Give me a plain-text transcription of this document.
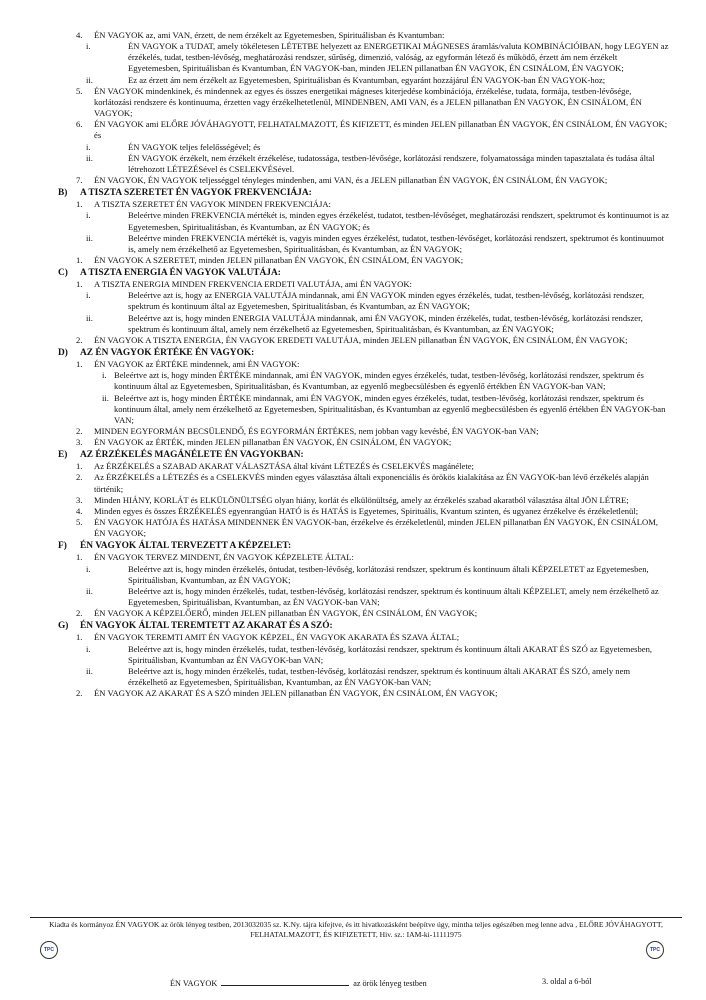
4. ÉN VAGYOK az, ami VAN, érzett, de nem érzékelt az Egyetemesben, Spirituálisban és Kvantumban:
i.	ÉN VAGYOK a TUDAT, amely tökéletesen LÉTETBE helyezett az ENERGETIKAI MÁGNESES áramlás/valuta KOMBINÁCIÓIBAN, hogy LEGYEN az érzékelés, tudat, testben-lévőség, meghatározási rendszer, sűrűség, dimenzió, valóság, az egyformán létező és működő, érzett ám nem érzékelt Egyetemesben, Spirituálisban és Kvantumban, ÉN VAGYOK-ban, minden JELEN pillanatban ÉN VAGYOK, ÉN CSINÁLOM, ÉN VAGYOK;
ii.	Ez az érzett ám nem érzékelt az Egyetemesben, Spirituálisban és Kvantumban, egyaránt hozzájárul ÉN VAGYOK-ban ÉN VAGYOK-hoz;
5. ÉN VAGYOK mindenkinek, és mindennek az egyes és összes energetikai mágneses kiterjedése kombinációja, érzékelése, tudata, formája, testben-lévősége, korlátozási rendszere és kontinuuma, érzetten vagy érzékelhetetlenül, MINDENBEN, AMI VAN, és a JELEN pillanatban ÉN VAGYOK, ÉN CSINÁLOM, ÉN VAGYOK;
6. ÉN VAGYOK ami ELŐRE JÓVÁHAGYOTT, FELHATALMAZOTT, ÉS KIFIZETT, és minden JELEN pillanatban ÉN VAGYOK, ÉN CSINÁLOM, ÉN VAGYOK; és
i.	ÉN VAGYOK teljes felelősségével; és
ii.	ÉN VAGYOK érzékelt, nem érzékelt érzékelése, tudatossága, testben-lévősége, korlátozási rendszere, folyamatossága minden tapasztalata és tudása által létrehozott LÉTEZÉSével és CSELEKVÉSével.
7. ÉN VAGYOK, ÉN VAGYOK teljességgel tényleges mindenben, ami VAN, és a JELEN pillanatban ÉN VAGYOK, ÉN CSINÁLOM, ÉN VAGYOK;
B) A TISZTA SZERETET ÉN VAGYOK FREKVENCIÁJA:
1. A TISZTA SZERETET ÉN VAGYOK MINDEN FREKVENCIÁJA:
i.	Beleértve minden FREKVENCIA mértékét is, minden egyes érzékelést, tudatot, testben-lévőséget, meghatározási rendszert, spektrumot és kontinuumot is az Egyetemesben, Spiritualitásban, és Kvantumban, az ÉN VAGYOK; és
ii.	Beleértve minden FREKVENCIA mértékét is, vagyis minden egyes érzékelést, tudatot, testben-lévőséget, korlátozási rendszert, spektrumot és kontinuumot is, amely nem érzékelhető az Egyetemesben, Spiritualitásban, és Kvantumban, az ÉN VAGYOK;
1. ÉN VAGYOK A SZERETET, minden JELEN pillanatban ÉN VAGYOK, ÉN CSINÁLOM, ÉN VAGYOK;
C) A TISZTA ENERGIA ÉN VAGYOK VALUTÁJA:
1. A TISZTA ENERGIA MINDEN FREKVENCIA ERDETI VALUTÁJA, ami ÉN VAGYOK:
i.	Beleértve azt is, hogy az ENERGIA VALUTÁJA mindannak, ami ÉN VAGYOK minden egyes érzékelés, tudat, testben-lévőség, korlátozási rendszer, spektrum és kontinuum által az Egyetemesben, Spiritualitásban, és Kvantumban, az ÉN VAGYOK;
ii.	Beleértve azt is, hogy minden ENERGIA VALUTÁJA mindannak, ami ÉN VAGYOK, minden érzékelés, tudat, testben-lévőség, korlátozási rendszer, spektrum és kontinuum által, amely nem érzékelhető az Egyetemesben, Spiritualitásban, és Kvantumban, az ÉN VAGYOK;
2. ÉN VAGYOK A TISZTA ENERGIA, ÉN VAGYOK EREDETI VALUTÁJA, minden JELEN pillanatban ÉN VAGYOK, ÉN CSINÁLOM, ÉN VAGYOK;
D) AZ ÉN VAGYOK ÉRTÉKE ÉN VAGYOK:
1. ÉN VAGYOK az ÉRTÉKE mindennek, ami ÉN VAGYOK:
i. Beleértve azt is, hogy minden ÉRTÉKE mindannak, ami ÉN VAGYOK, minden egyes érzékelés, tudat, testben-lévőség, korlátozási rendszer, spektrum és kontinuum által az Egyetemesben, Spiritualitásban, és Kvantumban, az egyenlő megbecsülésben és egyenlő értékben ÉN VAGYOK-ban VAN;
ii. Beleértve azt is, hogy minden ÉRTÉKE mindannak, ami ÉN VAGYOK, minden egyes érzékelés, tudat, testben-lévőség, korlátozási rendszer, spektrum és kontinuum által, amely nem érzékelhető az Egyetemesben, Spiritualitásban, és Kvantumban az egyenlő megbecsülésben és egyenlő értékben ÉN VAGYOK-ban VAN;
2. MINDEN EGYFORMÁN BECSÜLENDŐ, ÉS EGYFORMÁN ÉRTÉKES, nem jobban vagy kevésbé, ÉN VAGYOK-ban VAN;
3. ÉN VAGYOK az ÉRTÉK, minden JELEN pillanatban ÉN VAGYOK, ÉN CSINÁLOM, ÉN VAGYOK;
E) AZ ÉRZÉKELÉS MAGÁNÉLETE ÉN VAGYOKBAN:
1. Az ÉRZÉKELÉS a SZABAD AKARAT VÁLASZTÁSA által kívánt LÉTEZÉS és CSELEKVÉS magánélete;
2. Az ÉRZÉKELÉS a LÉTEZÉS és a CSELEKVÉS minden egyes választása általi exponenciális és örökös kialakítása az ÉN VAGYOK-ban lévő érzékelés alapján történik;
3. Minden HIÁNY, KORLÁT és ELKÜLÖNÜLTSÉG olyan hiány, korlát és elkülönültség, amely az érzékelés szabad akaratból választása által JÖN LÉTRE;
4. Minden egyes és összes ÉRZÉKELÉS egyenrangúan HATÓ is és HATÁS is Egyetemes, Spirituális, Kvantum szinten, és ugyanez érzékelve és érzékeletlenül;
5. ÉN VAGYOK HATÓJA ÉS HATÁSA MINDENNEK ÉN VAGYOK-ban, érzékelve és érzékeletlenül, minden JELEN pillanatban ÉN VAGYOK, ÉN CSINÁLOM, ÉN VAGYOK;
F) ÉN VAGYOK ÁLTAL TERVEZETT A KÉPZELET:
1. ÉN VAGYOK TERVEZ MINDENT, ÉN VAGYOK KÉPZELETE ÁLTAL:
i.	Beleértve azt is, hogy minden érzékelés, öntudat, testben-lévőség, korlátozási rendszer, spektrum és kontinuum általi KÉPZELETET az Egyetemesben, Spirituálisban, Kvantumban, az ÉN VAGYOK;
ii.	Beleértve azt is, hogy minden érzékelés, tudat, testben-lévőség, korlátozási rendszer, spektrum és kontinuum általi KÉPZELET, amely nem érzékelhető az Egyetemesben, Spirituálisban, Kvantumban, az ÉN VAGYOK-ban VAN;
2. ÉN VAGYOK A KÉPZELŐERŐ, minden JELEN pillanatban ÉN VAGYOK, ÉN CSINÁLOM, ÉN VAGYOK;
G) ÉN VAGYOK ÁLTAL TEREMTETT AZ AKARAT ÉS A SZÓ:
1. ÉN VAGYOK TEREMTI AMIT ÉN VAGYOK KÉPZEL, ÉN VAGYOK AKARATA ÉS SZAVA ÁLTAL;
i.	Beleértve azt is, hogy minden érzékelés, tudat, testben-lévőség, korlátozási rendszer, spektrum és kontinuum általi AKARAT ÉS SZÓ az Egyetemesben, Spirituálisban, Kvantumban az ÉN VAGYOK-ban VAN;
ii.	Beleértve azt is, hogy minden érzékelés, tudat, testben-lévőség, korlátozási rendszer, spektrum és kontinuum általi AKARAT ÉS SZÓ, amely nem érzékelhető az Egyetemesben, Spirituálisban, Kvantumban, az ÉN VAGYOK-ban VAN;
2. ÉN VAGYOK AZ AKARAT ÉS A SZÓ minden JELEN pillanatban ÉN VAGYOK, ÉN CSINÁLOM, ÉN VAGYOK;
Kiadta és kormányoz ÉN VAGYOK az örök lényeg testben, 2013032035 sz. K.Ny. tájra kifejtve, és itt hivatkozásként beépítve úgy, mintha teljes egészében meg lenne adva , ELŐRE JÓVÁHAGYOTT, FELHATALMAZOTT, ÉS KIFIZETETT, Hiv. sz.: IAM-ki-11111975
TPC	TPC
ÉN VAGYOK	az örök lényeg testben	3. oldal a 6-ból
